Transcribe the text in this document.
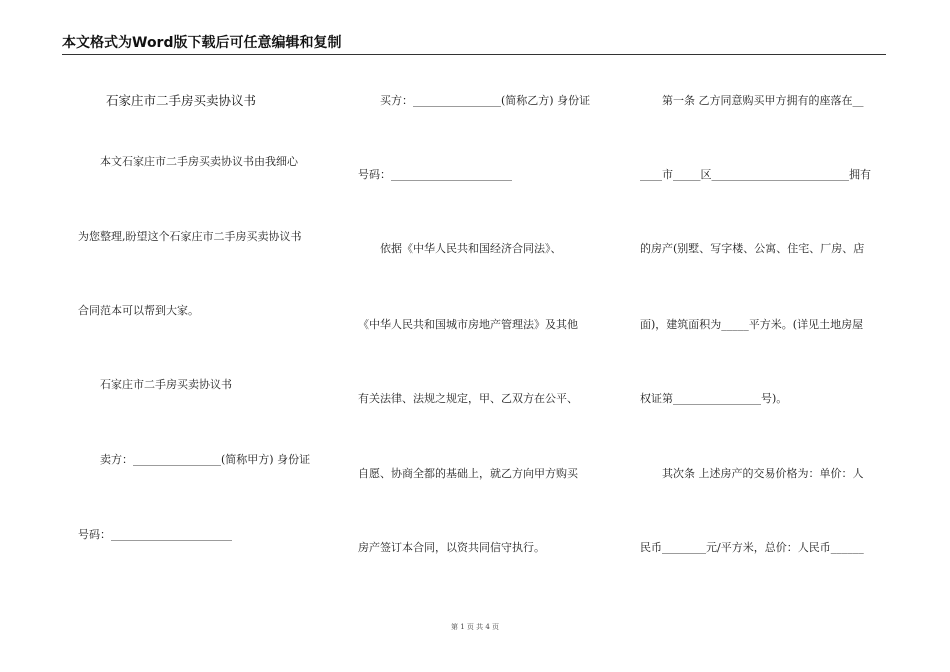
本文格式为Word版下载后可任意编辑和复制
石家庄市二手房买卖协议书
本文石家庄市二手房买卖协议书由我细心
为您整理,盼望这个石家庄市二手房买卖协议书
合同范本可以帮到大家。
石家庄市二手房买卖协议书
卖方：________________(简称甲方) 身份证
号码：______________________
买方：________________(简称乙方) 身份证
号码：______________________
依据《中华人民共和国经济合同法》、
《中华人民共和国城市房地产管理法》及其他
有关法律、法规之规定，甲、乙双方在公平、
自愿、协商全都的基础上，就乙方向甲方购买
房产签订本合同，以资共同信守执行。
第一条 乙方同意购买甲方拥有的座落在__
____市_____区_________________________拥有
的房产(别墅、写字楼、公寓、住宅、厂房、店
面)，建筑面积为_____平方米。(详见土地房屋
权证第________________号)。
其次条 上述房产的交易价格为：单价：人
民币________元/平方米，总价：人民币______
第 1 页 共 4 页
